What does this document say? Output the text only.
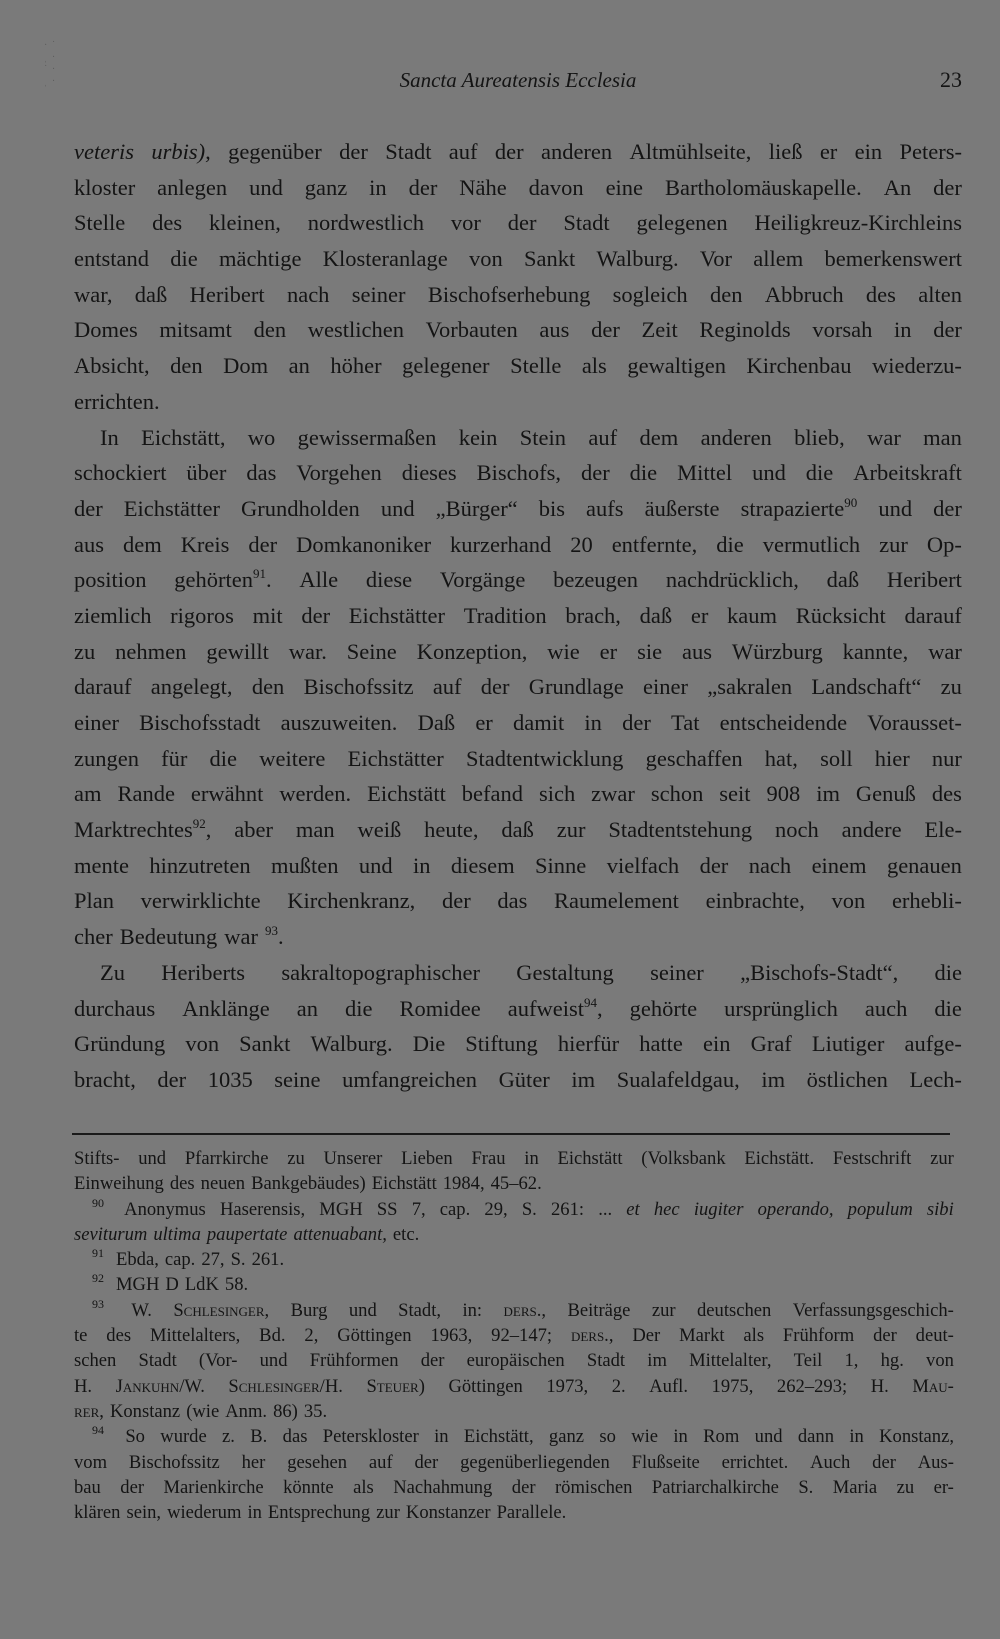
· ˙ ˌ · ˙ · ˌ ·	Sancta Aureatensis Ecclesia	23
veteris urbis), gegenüber der Stadt auf der anderen Altmühlseite, ließ er ein Peters-
kloster anlegen und ganz in der Nähe davon eine Bartholomäuskapelle. An der
Stelle des kleinen, nordwestlich vor der Stadt gelegenen Heiligkreuz-Kirchleins
entstand die mächtige Klosteranlage von Sankt Walburg. Vor allem bemerkenswert
war, daß Heribert nach seiner Bischofserhebung sogleich den Abbruch des alten
Domes mitsamt den westlichen Vorbauten aus der Zeit Reginolds vorsah in der
Absicht, den Dom an höher gelegener Stelle als gewaltigen Kirchenbau wiederzu-
errichten.
In Eichstätt, wo gewissermaßen kein Stein auf dem anderen blieb, war man
schockiert über das Vorgehen dieses Bischofs, der die Mittel und die Arbeitskraft
der Eichstätter Grundholden und „Bürger“ bis aufs äußerste strapazierte$^{90}$ und der
aus dem Kreis der Domkanoniker kurzerhand 20 entfernte, die vermutlich zur Op-
position gehörten$^{91}$. Alle diese Vorgänge bezeugen nachdrücklich, daß Heribert
ziemlich rigoros mit der Eichstätter Tradition brach, daß er kaum Rücksicht darauf
zu nehmen gewillt war. Seine Konzeption, wie er sie aus Würzburg kannte, war
darauf angelegt, den Bischofssitz auf der Grundlage einer „sakralen Landschaft“ zu
einer Bischofsstadt auszuweiten. Daß er damit in der Tat entscheidende Vorausset-
zungen für die weitere Eichstätter Stadtentwicklung geschaffen hat, soll hier nur
am Rande erwähnt werden. Eichstätt befand sich zwar schon seit 908 im Genuß des
Marktrechtes$^{92}$, aber man weiß heute, daß zur Stadtentstehung noch andere Ele-
mente hinzutreten mußten und in diesem Sinne vielfach der nach einem genauen
Plan verwirklichte Kirchenkranz, der das Raumelement einbrachte, von erhebli-
cher Bedeutung war $^{93}$.
Zu Heriberts sakraltopographischer Gestaltung seiner „Bischofs-Stadt“, die
durchaus Anklänge an die Romidee aufweist$^{94}$, gehörte ursprünglich auch die
Gründung von Sankt Walburg. Die Stiftung hierfür hatte ein Graf Liutiger aufge-
bracht, der 1035 seine umfangreichen Güter im Sualafeldgau, im östlichen Lech-
Stifts- und Pfarrkirche zu Unserer Lieben Frau in Eichstätt (Volksbank Eichstätt. Festschrift zur
Einweihung des neuen Bankgebäudes) Eichstätt 1984, 45–62.
$^{90}$	Anonymus Haserensis, MGH SS 7, cap. 29, S. 261: ... et hec iugiter operando, populum sibi
seviturum ultima paupertate attenuabant, etc.
$^{91}$ Ebda, cap. 27, S. 261.
$^{92}$ MGH D LdK 58.
$^{93}$	W. Schlesinger, Burg und Stadt, in: ders., Beiträge zur deutschen Verfassungsgeschich-
te des Mittelalters, Bd. 2, Göttingen 1963, 92–147; ders., Der Markt als Frühform der deut-
schen Stadt (Vor- und Frühformen der europäischen Stadt im Mittelalter, Teil 1, hg. von
H. Jankuhn/W. Schlesinger/H. Steuer) Göttingen 1973, 2. Aufl. 1975, 262–293; H. Mau-
rer, Konstanz (wie Anm. 86) 35.
$^{94}$	So wurde z. B. das Peterskloster in Eichstätt, ganz so wie in Rom und dann in Konstanz,
vom Bischofssitz her gesehen auf der gegenüberliegenden Flußseite errichtet. Auch der Aus-
bau der Marienkirche könnte als Nachahmung der römischen Patriarchalkirche S. Maria zu er-
klären sein, wiederum in Entsprechung zur Konstanzer Parallele.
